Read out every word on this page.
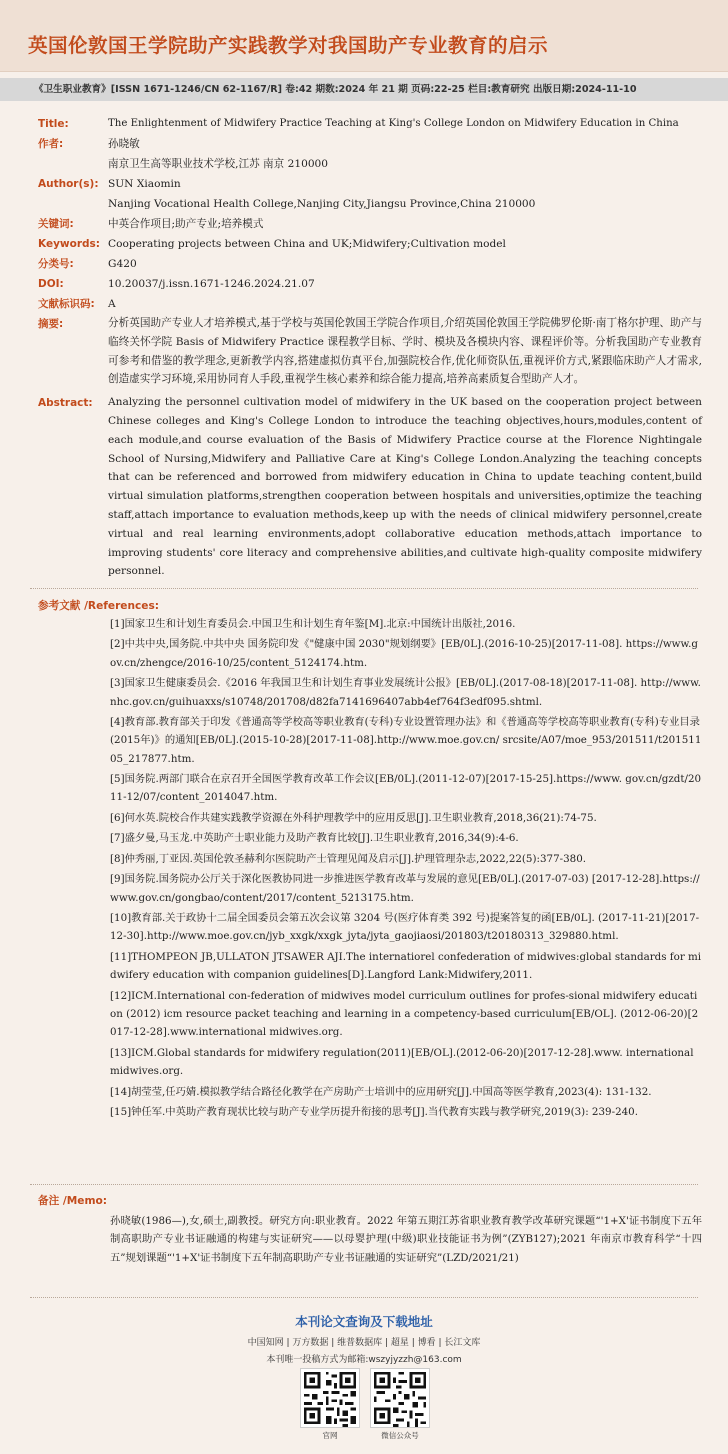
英国伦敦国王学院助产实践教学对我国助产专业教育的启示
《卫生职业教育》[ISSN 1671-1246/CN 62-1167/R] 卷:42 期数:2024 年 21 期 页码:22-25 栏目:教育研究 出版日期:2024-11-10
Title:	The Enlightenment of Midwifery Practice Teaching at King's College London on Midwifery Education in China
作者:	孙晓敏

南京卫生高等职业技术学校,江苏 南京 210000

Author(s): SUN Xiaomin

Nanjing Vocational Health College,Nanjing City,Jiangsu Province,China 210000

关键词:	中英合作项目;助产专业;培养模式
Keywords: Cooperating projects between China and UK;Midwifery;Cultivation model
分类号:	G420
DOI:	10.20037/j.issn.1671-1246.2024.21.07
文献标识码:	A
摘要:	分析英国助产专业人才培养模式,基于学校与英国伦敦国王学院合作项目,介绍英国伦敦国王学院佛罗伦斯·南丁格尔护理、助产与临终关怀学院 Basis of Midwifery Practice 课程教学目标、学时、模块及各模块内容、课程评价等。分析我国助产专业教育可参考和借鉴的教学理念,更新教学内容,搭建虚拟仿真平台,加强院校合作,优化师资队伍,重视评价方式,紧跟临床助产人才需求,创造虚实学习环境,采用协同育人手段,重视学生核心素养和综合能力提高,培养高素质复合型助产人才。
Abstract:	Analyzing the personnel cultivation model of midwifery in the UK based on the cooperation project between Chinese colleges and King's College London to introduce the teaching objectives,hours,modules,content of each module,and course evaluation of the Basis of Midwifery Practice course at the Florence Nightingale School of Nursing,Midwifery and Palliative Care at King's College London.Analyzing the teaching concepts that can be referenced and borrowed from midwifery education in China to update teaching content,build virtual simulation platforms,strengthen cooperation between hospitals and universities,optimize the teaching staff,attach importance to evaluation methods,keep up with the needs of clinical midwifery personnel,create virtual and real learning environments,adopt collaborative education methods,attach importance to improving students' core literacy and comprehensive abilities,and cultivate high-quality composite midwifery personnel.
参考文献 /References:
[1]国家卫生和计划生育委员会.中国卫生和计划生育年鉴[M].北京:中国统计出版社,2016.
[2]中共中央,国务院.中共中央 国务院印发《"健康中国 2030"规划纲要》[EB/0L].(2016-10-25)[2017-11-08]. https://www.gov.cn/zhengce/2016-10/25/content_5124174.htm.
[3]国家卫生健康委员会.《2016 年我国卫生和计划生育事业发展统计公报》[EB/0L].(2017-08-18)[2017-11-08]. http://www.nhc.gov.cn/guihuaxxs/s10748/201708/d82fa7141696407abb4ef764f3edf095.shtml.
[4]教育部.教育部关于印发《普通高等学校高等职业教育(专科)专业设置管理办法》和《普通高等学校高等职业教育(专科)专业目录(2015年)》的通知[EB/0L].(2015-10-28)[2017-11-08].http://www.moe.gov.cn/ srcsite/A07/moe_953/201511/t20151105_217877.htm.
[5]国务院.两部门联合在京召开全国医学教育改革工作会议[EB/0L].(2011-12-07)[2017-15-25].https://www. gov.cn/gzdt/2011-12/07/content_2014047.htm.
[6]何水英.院校合作共建实践教学资源在外科护理教学中的应用反思[J].卫生职业教育,2018,36(21):74-75.
[7]盛夕曼,马玉龙.中英助产士职业能力及助产教育比较[J].卫生职业教育,2016,34(9):4-6.
[8]仲秀丽,丁亚因.英国伦敦圣赫利尔医院助产士管理见闻及启示[J].护理管理杂志,2022,22(5):377-380.
[9]国务院.国务院办公厅关于深化医教协同进一步推进医学教育改革与发展的意见[EB/0L].(2017-07-03) [2017-12-28].https://www.gov.cn/gongbao/content/2017/content_5213175.htm.
[10]教育部.关于政协十二届全国委员会第五次会议第 3204 号(医疗体育类 392 号)提案答复的函[EB/0L]. (2017-11-21)[2017-12-30].http://www.moe.gov.cn/jyb_xxgk/xxgk_jyta/jyta_gaojiaosi/201803/t20180313_329880.html.
[11]THOMPEON JB,ULLATON JTSAWER AJI.The internatiorel confederation of midwives:global standards for midwifery education with companion guidelines[D].Langford Lank:Midwifery,2011.
[12]ICM.International con-federation of midwives model curriculum outlines for profes-sional midwifery education (2012) icm resource packet teaching and learning in a competency-based curriculum[EB/OL]. (2012-06-20)[2017-12-28].www.international midwives.org.
[13]ICM.Global standards for midwifery regulation(2011)[EB/OL].(2012-06-20)[2017-12-28].www. internationalmidwives.org.
[14]胡莹莹,任巧婧.模拟教学结合路径化教学在产房助产士培训中的应用研究[J].中国高等医学教育,2023(4): 131-132.
[15]钟任军.中英助产教育现状比较与助产专业学历提升衔接的思考[J].当代教育实践与教学研究,2019(3): 239-240.
备注 /Memo:
孙晓敏(1986—),女,硕士,副教授。研究方向:职业教育。2022 年第五期江苏省职业教育教学改革研究课题“'1+X'证书制度下五年制高职助产专业书证融通的构建与实证研究——以母婴护理(中级)职业技能证书为例”(ZYB127);2021 年南京市教育科学“十四五”规划课题“'1+X'证书制度下五年制高职助产专业书证融通的实证研究”(LZD/2021/21)
本刊论文查询及下载地址
中国知网 | 万方数据 | 维普数据库 | 超星 | 博看 | 长江文库
本刊唯一投稿方式为邮箱:wszyjyzzh@163.com
官网	微信公众号
